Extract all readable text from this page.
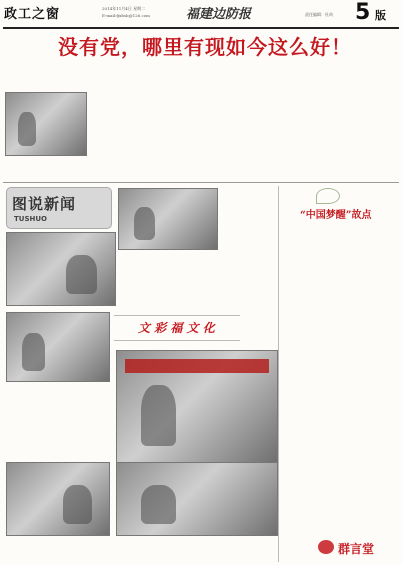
政工之窗	2014年11月4日 星期二
E-mail:fjxbsb@126.com	福建边防报	责任编辑：杜尚 5 版
没有党，哪里有现如今这么好！
图说新闻
TUSHUO
文 彩 福 文 化
“中国梦醒”故点
群言堂
